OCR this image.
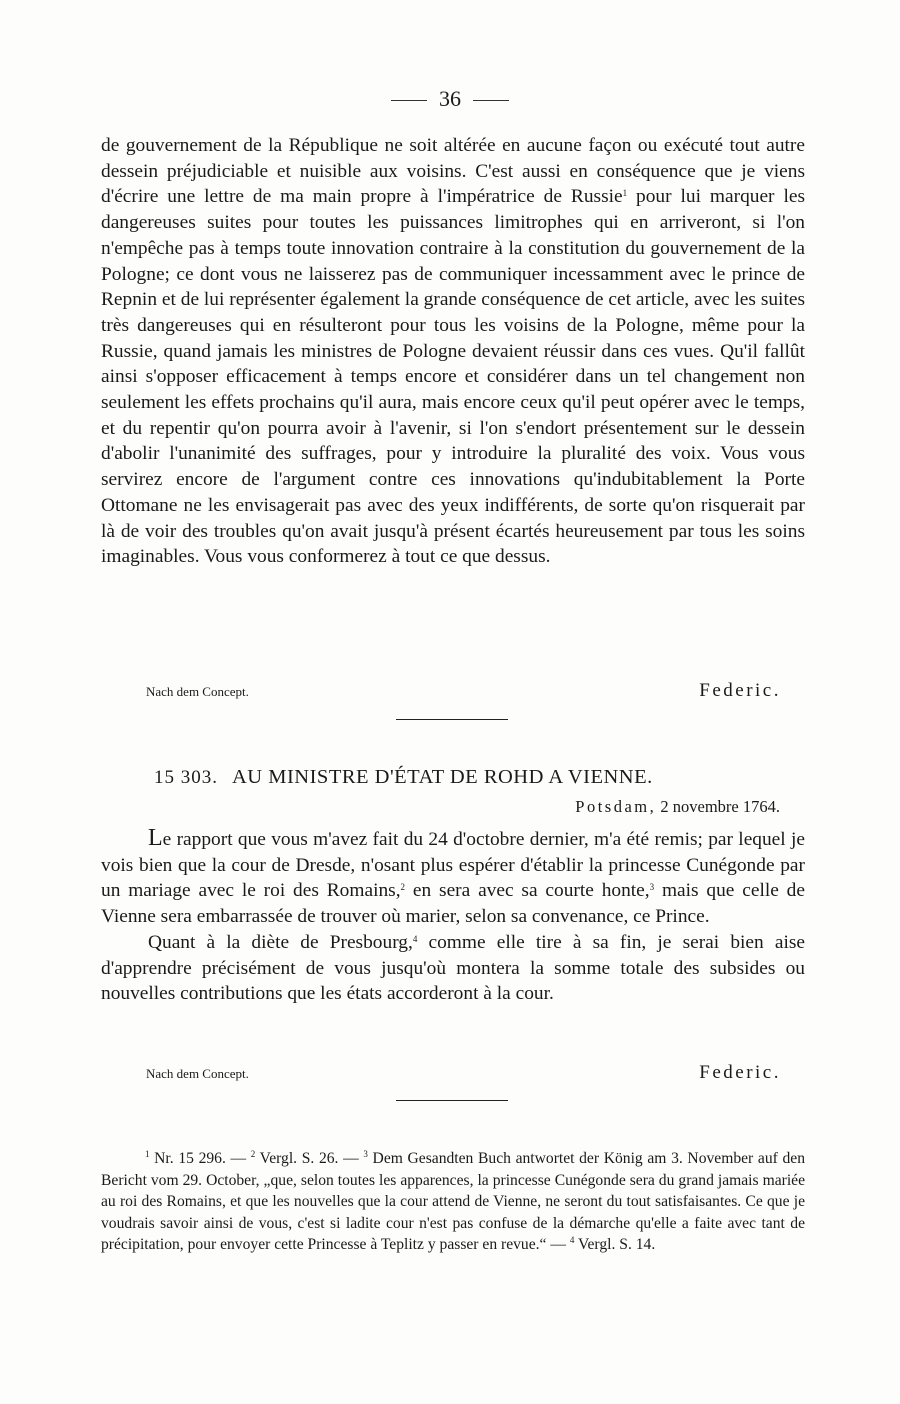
36

de gouvernement de la République ne soit altérée en aucune façon ou exécuté tout autre dessein préjudiciable et nuisible aux voisins. C'est aussi en conséquence que je viens d'écrire une lettre de ma main propre à l'impératrice de Russie$^1$ pour lui marquer les dangereuses suites pour toutes les puissances limitrophes qui en arriveront, si l'on n'empêche pas à temps toute innovation contraire à la constitution du gouvernement de la Pologne; ce dont vous ne laisserez pas de communiquer incessamment avec le prince de Repnin et de lui représenter également la grande conséquence de cet article, avec les suites très dangereuses qui en résulteront pour tous les voisins de la Pologne, même pour la Russie, quand jamais les ministres de Pologne devaient réussir dans ces vues. Qu'il fallût ainsi s'opposer efficacement à temps encore et considérer dans un tel changement non seulement les effets prochains qu'il aura, mais encore ceux qu'il peut opérer avec le temps, et du repentir qu'on pourra avoir à l'avenir, si l'on s'endort présentement sur le dessein d'abolir l'unanimité des suffrages, pour y introduire la pluralité des voix. Vous vous servirez encore de l'argument contre ces innovations qu'indubitablement la Porte Ottomane ne les envisagerait pas avec des yeux indifférents, de sorte qu'on risquerait par là de voir des troubles qu'on avait jusqu'à présent écartés heureusement par tous les soins imaginables. Vous vous conformerez à tout ce que dessus.

Nach dem Concept.	Federic.
15 303. AU MINISTRE D'ÉTAT DE ROHD A VIENNE.
Potsdam, 2 novembre 1764.

Le rapport que vous m'avez fait du 24 d'octobre dernier, m'a été remis; par lequel je vois bien que la cour de Dresde, n'osant plus espérer d'établir la princesse Cunégonde par un mariage avec le roi des Romains,$^2$ en sera avec sa courte honte,$^3$ mais que celle de Vienne sera embarrassée de trouver où marier, selon sa convenance, ce Prince.

Quant à la diète de Presbourg,$^4$ comme elle tire à sa fin, je serai bien aise d'apprendre précisément de vous jusqu'où montera la somme totale des subsides ou nouvelles contributions que les états accorderont à la cour.

Nach dem Concept.	Federic.

$^1$ Nr. 15 296. — $^2$ Vergl. S. 26. — $^3$ Dem Gesandten Buch antwortet der König am 3. November auf den Bericht vom 29. October, „que, selon toutes les apparences, la princesse Cunégonde sera du grand jamais mariée au roi des Romains, et que les nouvelles que la cour attend de Vienne, ne seront du tout satisfaisantes. Ce que je voudrais savoir ainsi de vous, c'est si ladite cour n'est pas confuse de la démarche qu'elle a faite avec tant de précipitation, pour envoyer cette Princesse à Teplitz y passer en revue.“ — $^4$ Vergl. S. 14.
